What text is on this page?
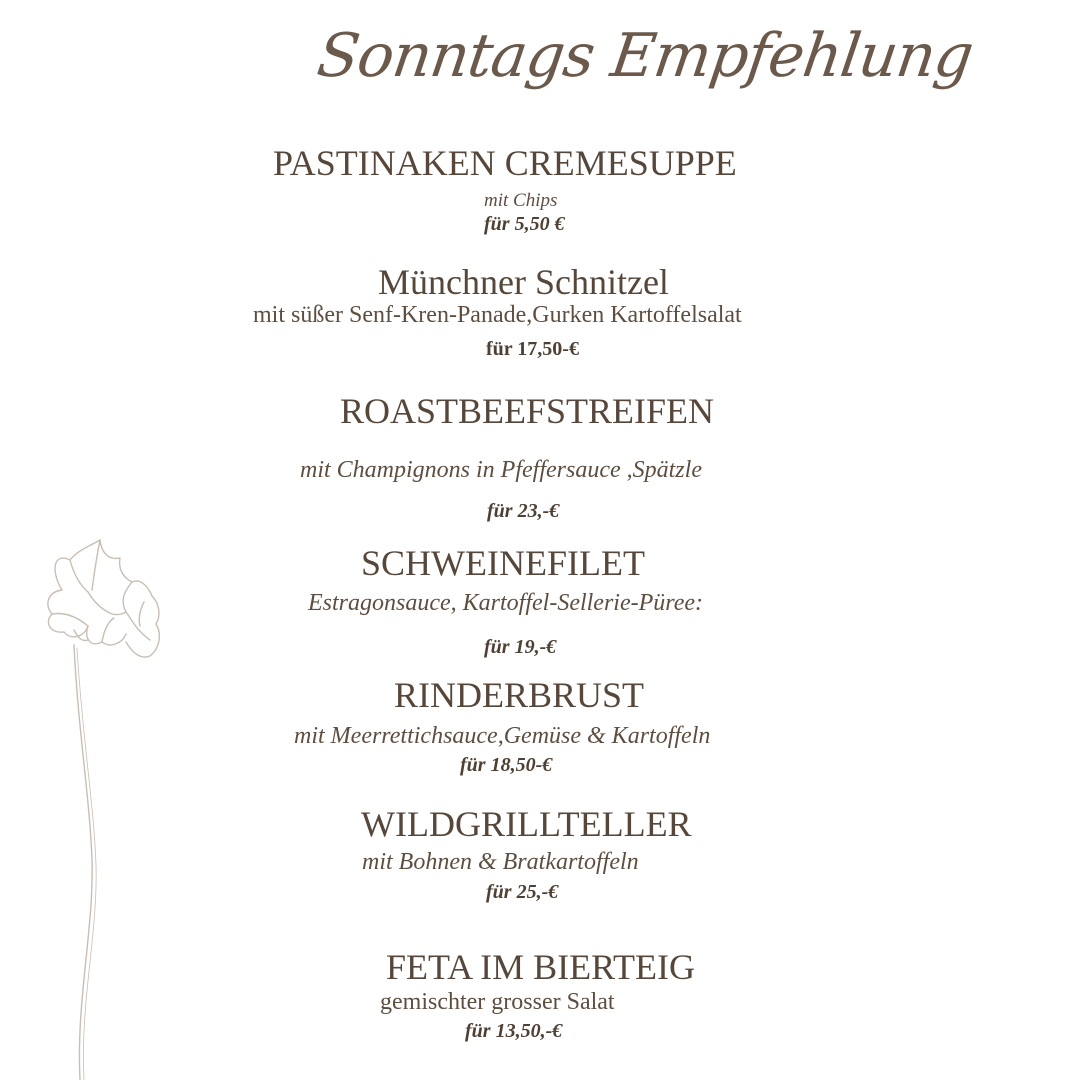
Sonntags Empfehlung
PASTINAKEN CREMESUPPE
mit Chips
für 5,50 €
Münchner Schnitzel
mit süßer Senf-Kren-Panade,Gurken Kartoffelsalat
für 17,50-€
ROASTBEEFSTREIFEN
mit Champignons in Pfeffersauce ,Spätzle
für 23,-€
SCHWEINEFILET
Estragonsauce, Kartoffel-Sellerie-Püree:
für 19,-€
RINDERBRUST
mit Meerrettichsauce,Gemüse & Kartoffeln
für 18,50-€
WILDGRILLTELLER
mit Bohnen & Bratkartoffeln
für 25,-€
FETA IM BIERTEIG
gemischter grosser Salat
für 13,50,-€
